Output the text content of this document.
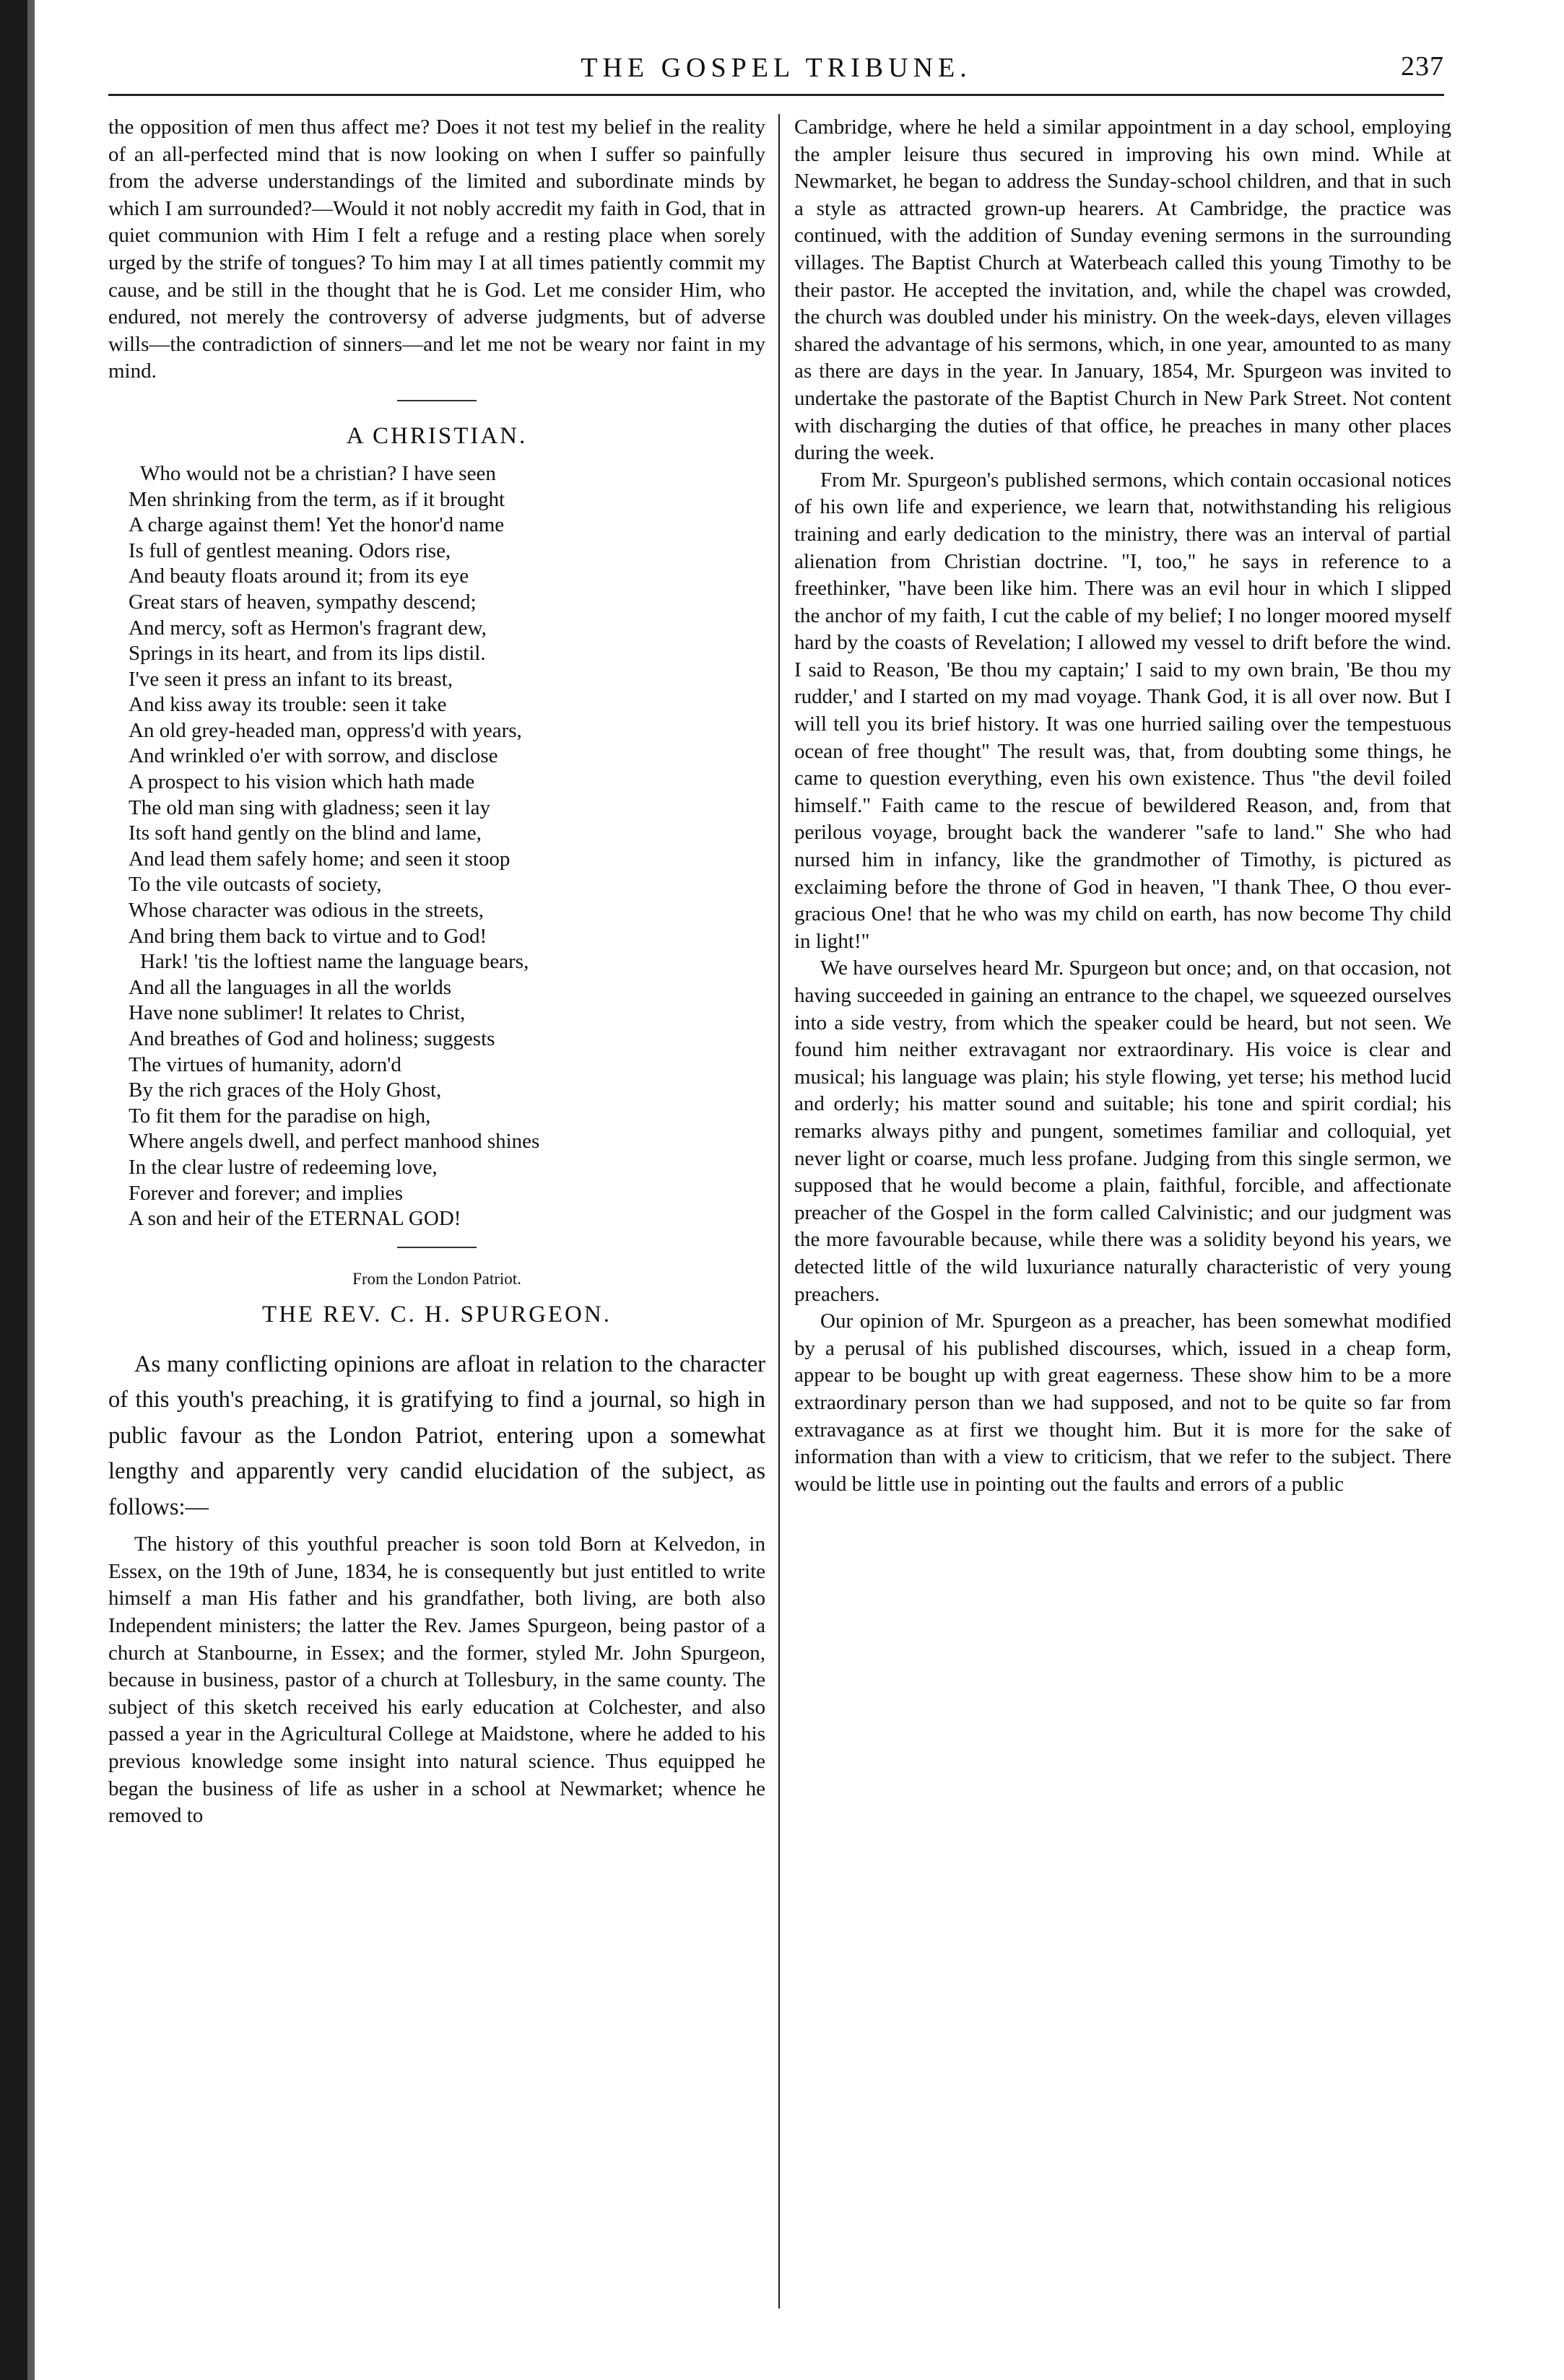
THE GOSPEL TRIBUNE.	237

the opposition of men thus affect me? Does it not test my belief in the reality of an all-perfected mind that is now looking on when I suffer so painfully from the adverse understandings of the limited and subordinate minds by which I am surrounded?—Would it not nobly accredit my faith in God, that in quiet communion with Him I felt a refuge and a resting place when sorely urged by the strife of tongues? To him may I at all times patiently commit my cause, and be still in the thought that he is God. Let me consider Him, who endured, not merely the controversy of adverse judgments, but of adverse wills—the contradiction of sinners—and let me not be weary nor faint in my mind.

A CHRISTIAN.

Who would not be a christian? I have seen

Men shrinking from the term, as if it brought

A charge against them! Yet the honor'd name

Is full of gentlest meaning. Odors rise,

And beauty floats around it; from its eye

Great stars of heaven, sympathy descend;

And mercy, soft as Hermon's fragrant dew,

Springs in its heart, and from its lips distil.

I've seen it press an infant to its breast,

And kiss away its trouble: seen it take

An old grey-headed man, oppress'd with years,

And wrinkled o'er with sorrow, and disclose

A prospect to his vision which hath made

The old man sing with gladness; seen it lay

Its soft hand gently on the blind and lame,

And lead them safely home; and seen it stoop

To the vile outcasts of society,

Whose character was odious in the streets,

And bring them back to virtue and to God!

Hark! 'tis the loftiest name the language bears,

And all the languages in all the worlds

Have none sublimer! It relates to Christ,

And breathes of God and holiness; suggests

The virtues of humanity, adorn'd

By the rich graces of the Holy Ghost,

To fit them for the paradise on high,

Where angels dwell, and perfect manhood shines

In the clear lustre of redeeming love,

Forever and forever; and implies

A son and heir of the ETERNAL GOD!

From the London Patriot.
THE REV. C. H. SPURGEON.

As many conflicting opinions are afloat in relation to the character of this youth's preaching, it is gratifying to find a journal, so high in public favour as the London Patriot, entering upon a somewhat lengthy and apparently very candid elucidation of the subject, as follows:—

The history of this youthful preacher is soon told Born at Kelvedon, in Essex, on the 19th of June, 1834, he is consequently but just entitled to write himself a man His father and his grandfather, both living, are both also Independent ministers; the latter the Rev. James Spurgeon, being pastor of a church at Stanbourne, in Essex; and the former, styled Mr. John Spurgeon, because in business, pastor of a church at Tollesbury, in the same county. The subject of this sketch received his early education at Colchester, and also passed a year in the Agricultural College at Maidstone, where he added to his previous knowledge some insight into natural science. Thus equipped he began the business of life as usher in a school at Newmarket; whence he removed to

Cambridge, where he held a similar appointment in a day school, employing the ampler leisure thus secured in improving his own mind. While at Newmarket, he began to address the Sunday-school children, and that in such a style as attracted grown-up hearers. At Cambridge, the practice was continued, with the addition of Sunday evening sermons in the surrounding villages. The Baptist Church at Waterbeach called this young Timothy to be their pastor. He accepted the invitation, and, while the chapel was crowded, the church was doubled under his ministry. On the week-days, eleven villages shared the advantage of his sermons, which, in one year, amounted to as many as there are days in the year. In January, 1854, Mr. Spurgeon was invited to undertake the pastorate of the Baptist Church in New Park Street. Not content with discharging the duties of that office, he preaches in many other places during the week.

From Mr. Spurgeon's published sermons, which contain occasional notices of his own life and experience, we learn that, notwithstanding his religious training and early dedication to the ministry, there was an interval of partial alienation from Christian doctrine. "I, too," he says in reference to a freethinker, "have been like him. There was an evil hour in which I slipped the anchor of my faith, I cut the cable of my belief; I no longer moored myself hard by the coasts of Revelation; I allowed my vessel to drift before the wind. I said to Reason, 'Be thou my captain;' I said to my own brain, 'Be thou my rudder,' and I started on my mad voyage. Thank God, it is all over now. But I will tell you its brief history. It was one hurried sailing over the tempestuous ocean of free thought" The result was, that, from doubting some things, he came to question everything, even his own existence. Thus "the devil foiled himself." Faith came to the rescue of bewildered Reason, and, from that perilous voyage, brought back the wanderer "safe to land." She who had nursed him in infancy, like the grandmother of Timothy, is pictured as exclaiming before the throne of God in heaven, "I thank Thee, O thou ever-gracious One! that he who was my child on earth, has now become Thy child in light!"

We have ourselves heard Mr. Spurgeon but once; and, on that occasion, not having succeeded in gaining an entrance to the chapel, we squeezed ourselves into a side vestry, from which the speaker could be heard, but not seen. We found him neither extravagant nor extraordinary. His voice is clear and musical; his language was plain; his style flowing, yet terse; his method lucid and orderly; his matter sound and suitable; his tone and spirit cordial; his remarks always pithy and pungent, sometimes familiar and colloquial, yet never light or coarse, much less profane. Judging from this single sermon, we supposed that he would become a plain, faithful, forcible, and affectionate preacher of the Gospel in the form called Calvinistic; and our judgment was the more favourable because, while there was a solidity beyond his years, we detected little of the wild luxuriance naturally characteristic of very young preachers.

Our opinion of Mr. Spurgeon as a preacher, has been somewhat modified by a perusal of his published discourses, which, issued in a cheap form, appear to be bought up with great eagerness. These show him to be a more extraordinary person than we had supposed, and not to be quite so far from extravagance as at first we thought him. But it is more for the sake of information than with a view to criticism, that we refer to the subject. There would be little use in pointing out the faults and errors of a public
